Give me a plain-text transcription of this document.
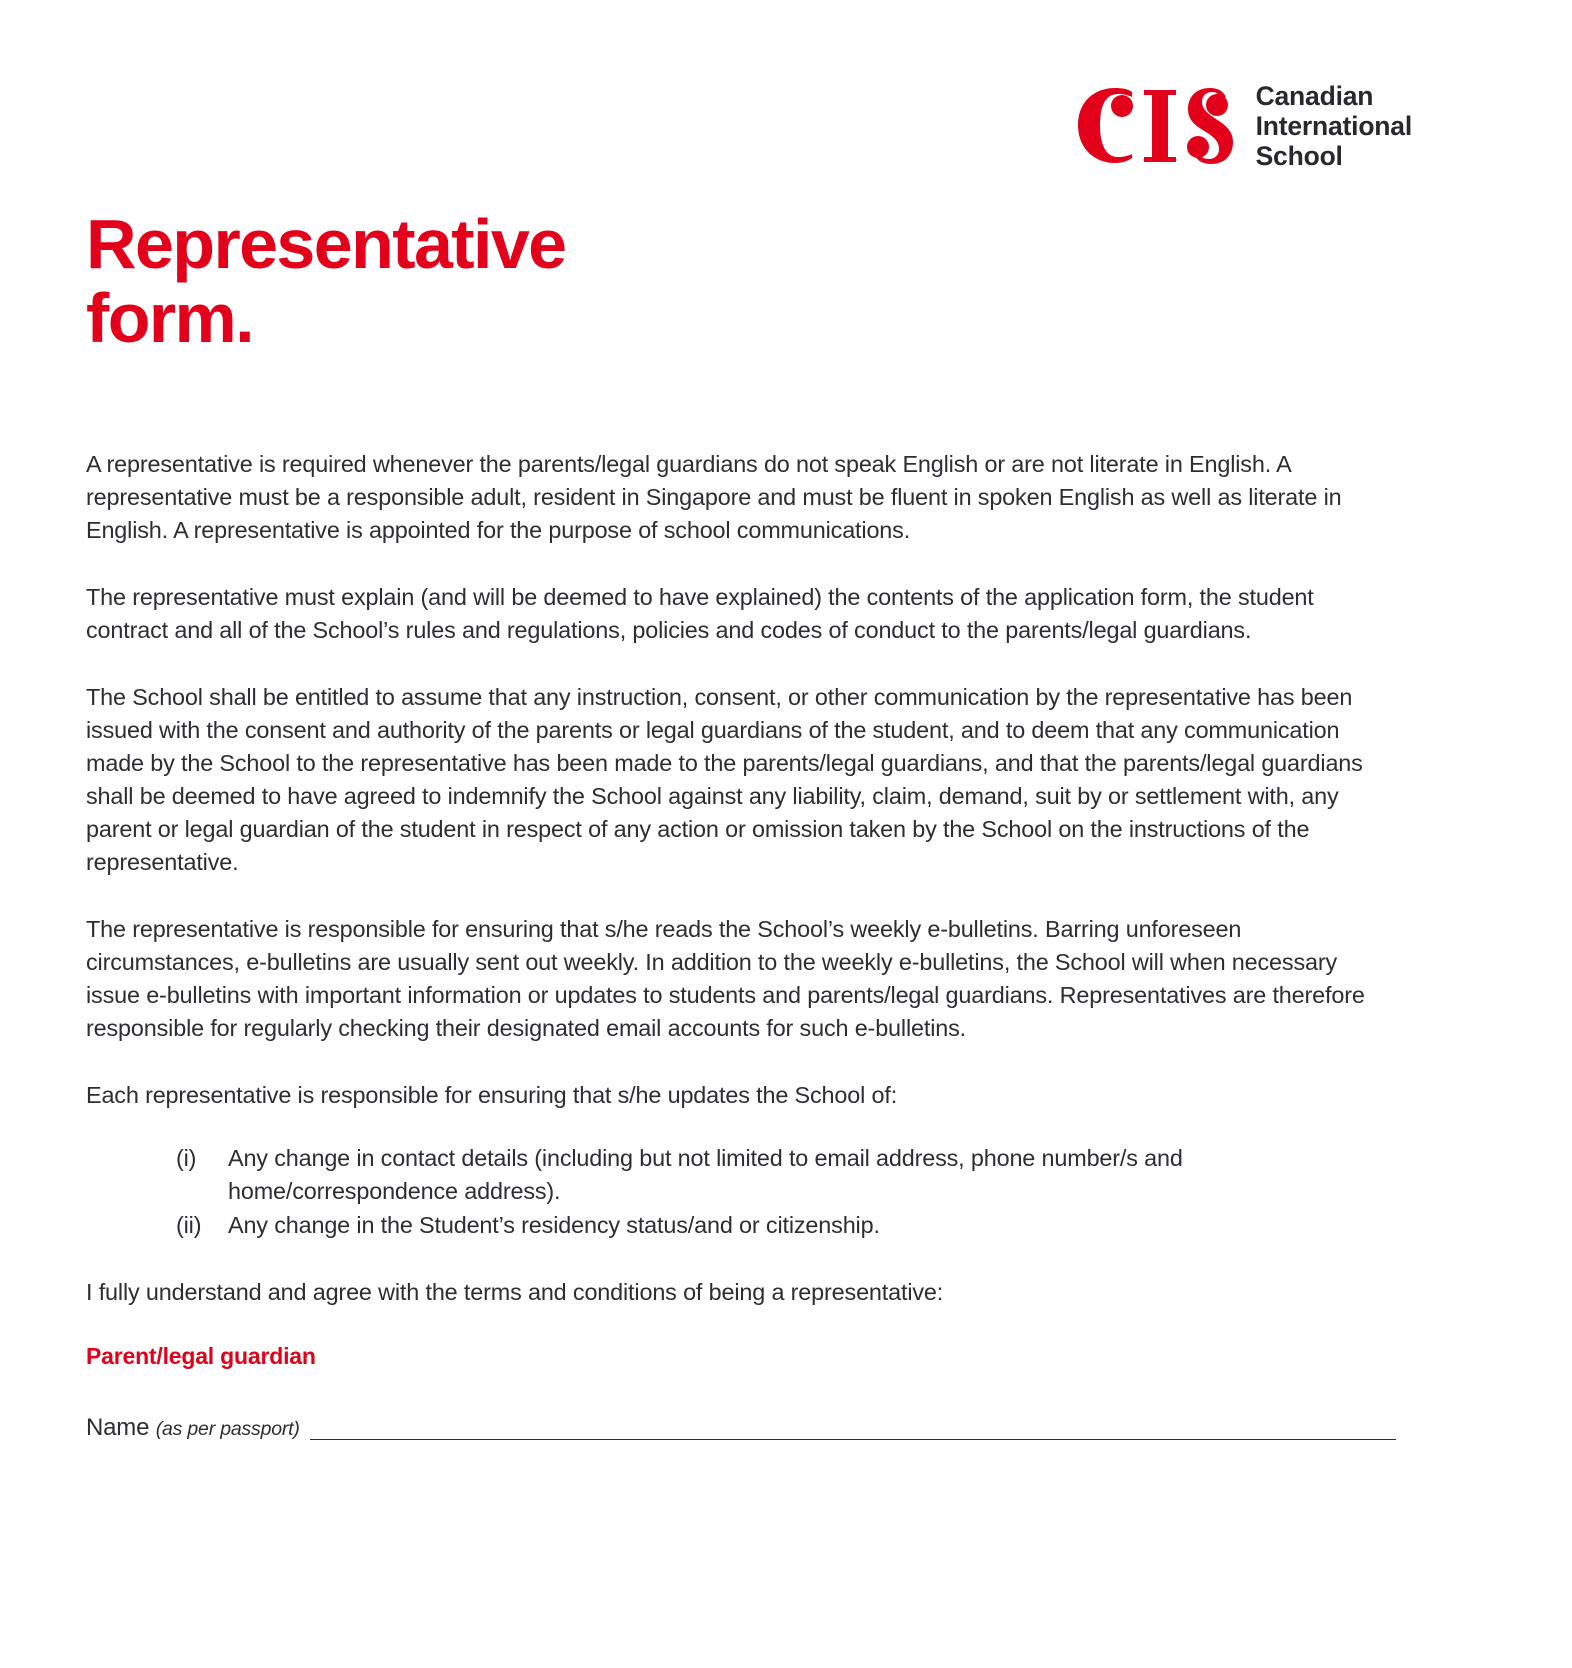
Canadian
International
School
Representative
form.

A representative is required whenever the parents/legal guardians do not speak English or are not literate in English. A representative must be a responsible adult, resident in Singapore and must be fluent in spoken English as well as literate in English. A representative is appointed for the purpose of school communications.

The representative must explain (and will be deemed to have explained) the contents of the application form, the student contract and all of the School’s rules and regulations, policies and codes of conduct to the parents/legal guardians.

The School shall be entitled to assume that any instruction, consent, or other communication by the representative has been issued with the consent and authority of the parents or legal guardians of the student, and to deem that any communication made by the School to the representative has been made to the parents/legal guardians, and that the parents/legal guardians shall be deemed to have agreed to indemnify the School against any liability, claim, demand, suit by or settlement with, any parent or legal guardian of the student in respect of any action or omission taken by the School on the instructions of the representative.

The representative is responsible for ensuring that s/he reads the School’s weekly e-bulletins. Barring unforeseen circumstances, e-bulletins are usually sent out weekly. In addition to the weekly e-bulletins, the School will when necessary issue e-bulletins with important information or updates to students and parents/legal guardians. Representatives are therefore responsible for regularly checking their designated email accounts for such e-bulletins.

Each representative is responsible for ensuring that s/he updates the School of:

(i)	Any change in contact details (including but not limited to email address, phone number/s and home/correspondence address).
(ii)	Any change in the Student’s residency status/and or citizenship.

I fully understand and agree with the terms and conditions of being a representative:

Parent/legal guardian

Name (as per passport)
